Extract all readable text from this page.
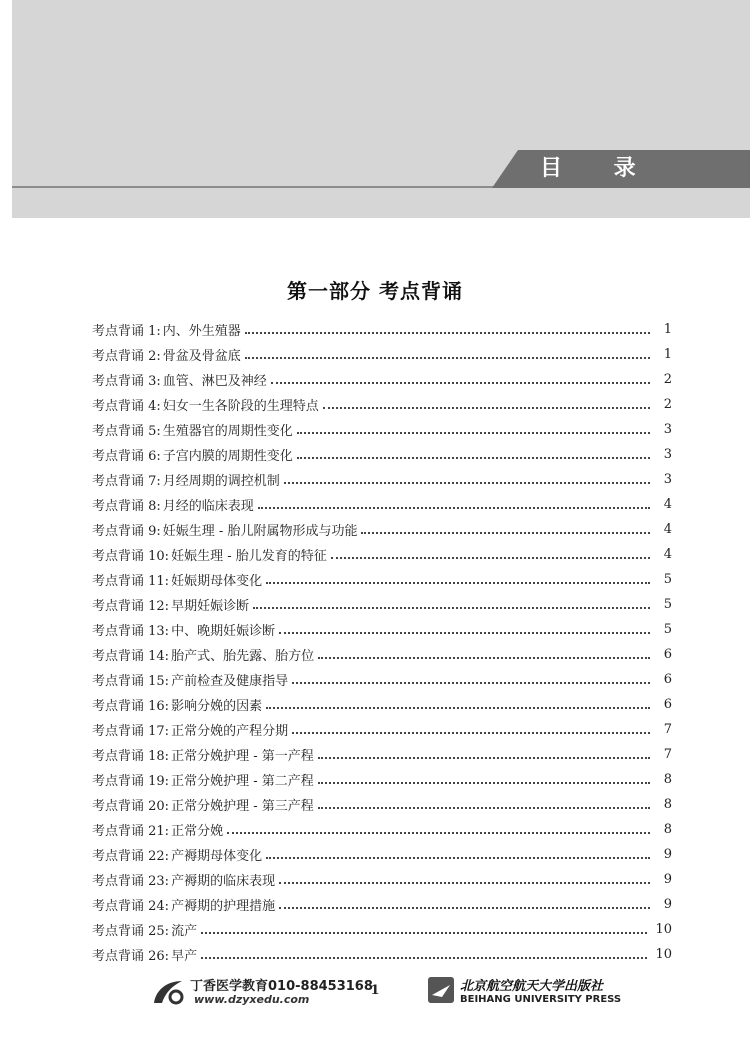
目 录
第一部分 考点背诵
考点背诵 1: 内、外生殖器	1
考点背诵 2: 骨盆及骨盆底	1
考点背诵 3: 血管、淋巴及神经	2
考点背诵 4: 妇女一生各阶段的生理特点	2
考点背诵 5: 生殖器官的周期性变化	3
考点背诵 6: 子宫内膜的周期性变化	3
考点背诵 7: 月经周期的调控机制	3
考点背诵 8: 月经的临床表现	4
考点背诵 9: 妊娠生理 - 胎儿附属物形成与功能	4
考点背诵 10: 妊娠生理 - 胎儿发育的特征	4
考点背诵 11: 妊娠期母体变化	5
考点背诵 12: 早期妊娠诊断	5
考点背诵 13: 中、晚期妊娠诊断	5
考点背诵 14: 胎产式、胎先露、胎方位	6
考点背诵 15: 产前检查及健康指导	6
考点背诵 16: 影响分娩的因素	6
考点背诵 17: 正常分娩的产程分期	7
考点背诵 18: 正常分娩护理 - 第一产程	7
考点背诵 19: 正常分娩护理 - 第二产程	8
考点背诵 20: 正常分娩护理 - 第三产程	8
考点背诵 21: 正常分娩	8
考点背诵 22: 产褥期母体变化	9
考点背诵 23: 产褥期的临床表现	9
考点背诵 24: 产褥期的护理措施	9
考点背诵 25: 流产	10
考点背诵 26: 早产	10
丁香医学教育010-88453168
www.dzyxedu.com
1	北京航空航天大学出版社
BEIHANG UNIVERSITY PRESS
